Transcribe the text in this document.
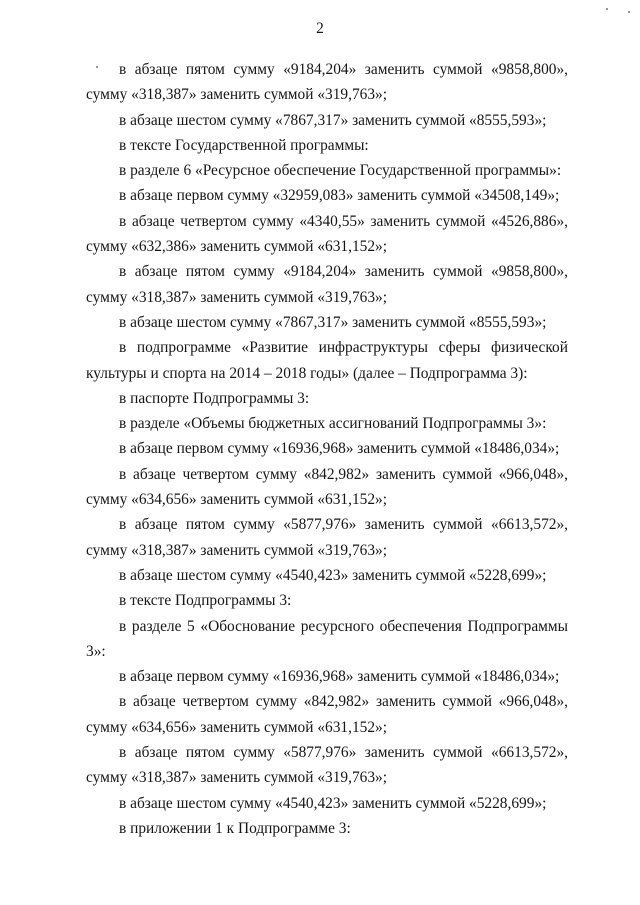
2

в абзаце пятом сумму «9184,204» заменить суммой «9858,800», сумму «318,387» заменить суммой «319,763»;

в абзаце шестом сумму «7867,317» заменить суммой «8555,593»;

в тексте Государственной программы:

в разделе 6 «Ресурсное обеспечение Государственной программы»:

в абзаце первом сумму «32959,083» заменить суммой «34508,149»;

в абзаце четвертом сумму «4340,55» заменить суммой «4526,886», сумму «632,386» заменить суммой «631,152»;

в абзаце пятом сумму «9184,204» заменить суммой «9858,800», сумму «318,387» заменить суммой «319,763»;

в абзаце шестом сумму «7867,317» заменить суммой «8555,593»;

в подпрограмме «Развитие инфраструктуры сферы физической культуры и спорта на 2014 – 2018 годы» (далее – Подпрограмма 3):

в паспорте Подпрограммы 3:

в разделе «Объемы бюджетных ассигнований Подпрограммы 3»:

в абзаце первом сумму «16936,968» заменить суммой «18486,034»;

в абзаце четвертом сумму «842,982» заменить суммой «966,048», сумму «634,656» заменить суммой «631,152»;

в абзаце пятом сумму «5877,976» заменить суммой «6613,572», сумму «318,387» заменить суммой «319,763»;

в абзаце шестом сумму «4540,423» заменить суммой «5228,699»;

в тексте Подпрограммы 3:

в разделе 5 «Обоснование ресурсного обеспечения Подпрограммы 3»:

в абзаце первом сумму «16936,968» заменить суммой «18486,034»;

в абзаце четвертом сумму «842,982» заменить суммой «966,048», сумму «634,656» заменить суммой «631,152»;

в абзаце пятом сумму «5877,976» заменить суммой «6613,572», сумму «318,387» заменить суммой «319,763»;

в абзаце шестом сумму «4540,423» заменить суммой «5228,699»;

в приложении 1 к Подпрограмме 3:
